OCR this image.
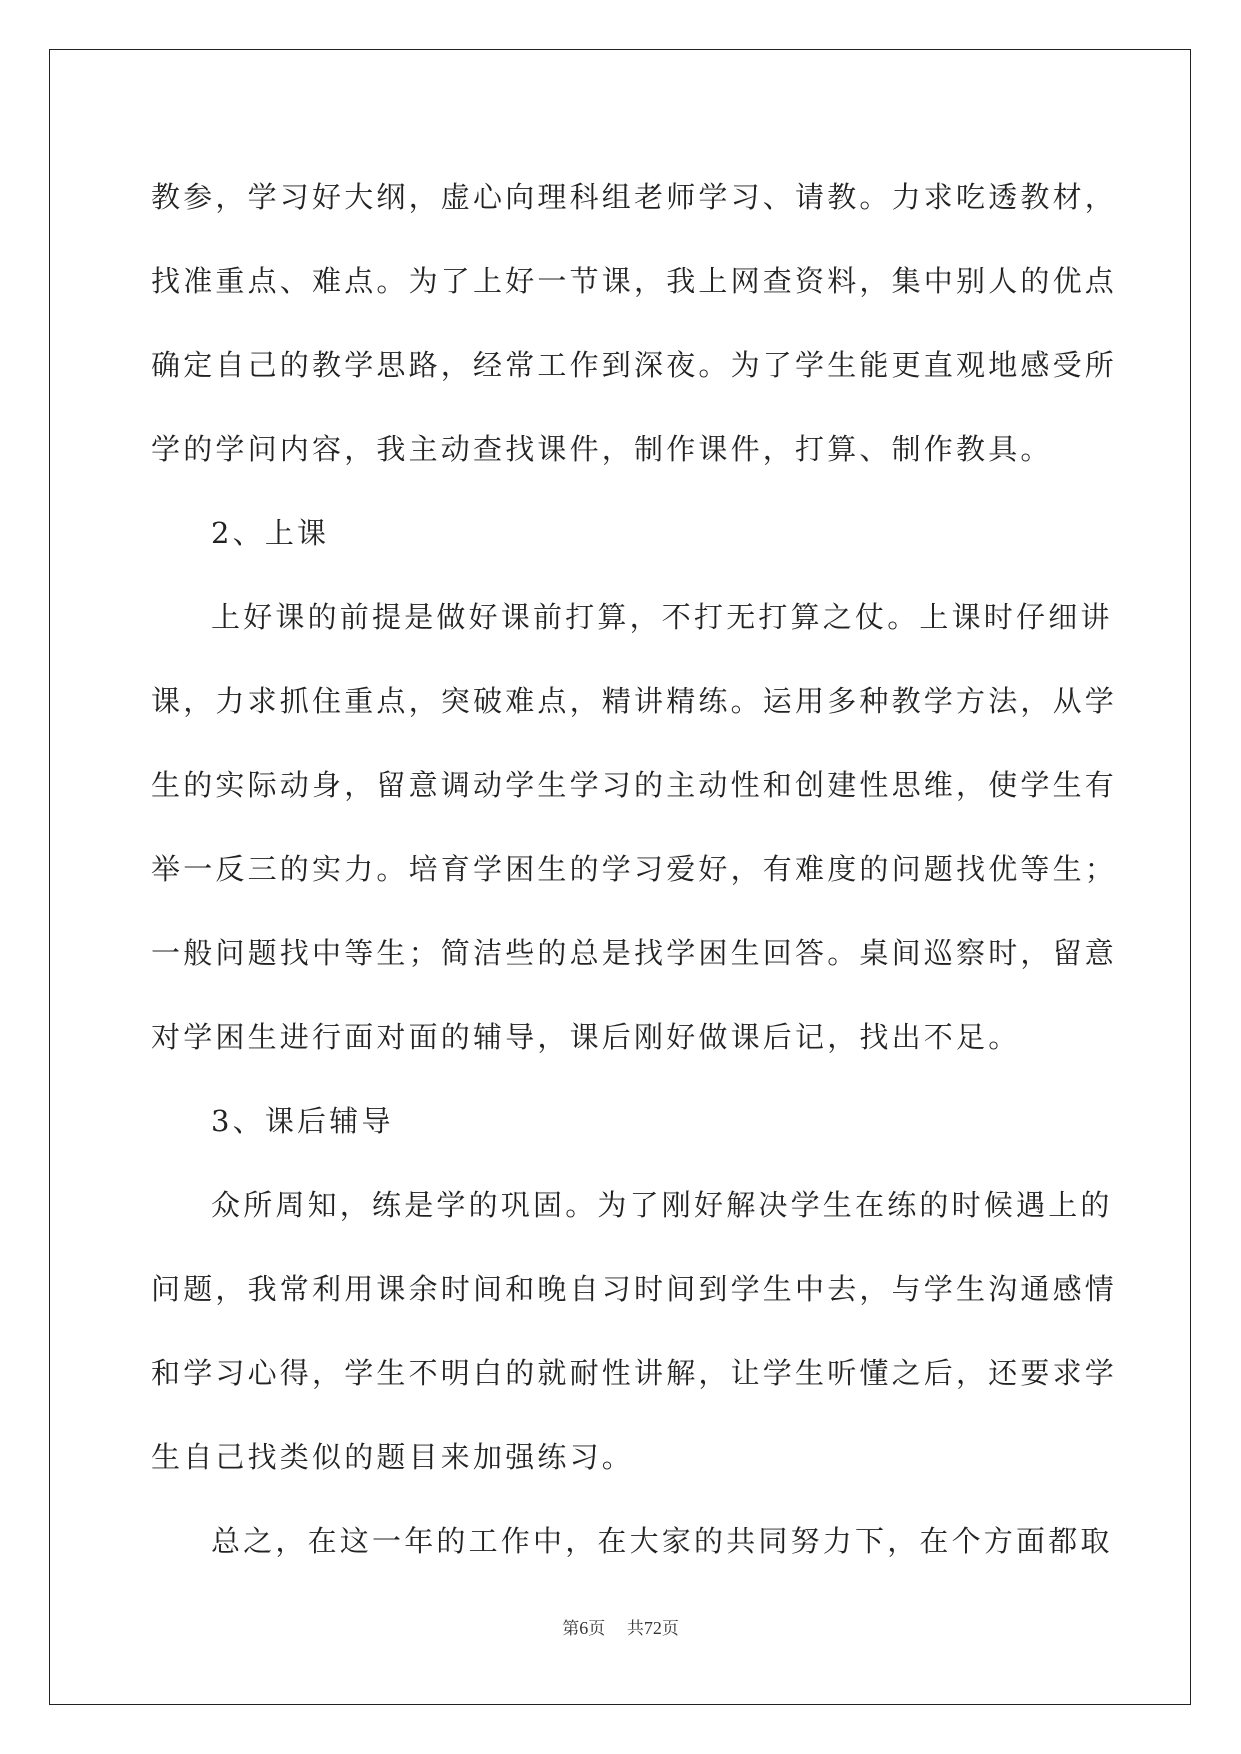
教参，学习好大纲，虚心向理科组老师学习、请教。力求吃透教材，
找准重点、难点。为了上好一节课，我上网查资料，集中别人的优点
确定自己的教学思路，经常工作到深夜。为了学生能更直观地感受所
学的学问内容，我主动查找课件，制作课件，打算、制作教具。
2、上课
上好课的前提是做好课前打算，不打无打算之仗。上课时仔细讲
课，力求抓住重点，突破难点，精讲精练。运用多种教学方法，从学
生的实际动身，留意调动学生学习的主动性和创建性思维，使学生有
举一反三的实力。培育学困生的学习爱好，有难度的问题找优等生；
一般问题找中等生；简洁些的总是找学困生回答。桌间巡察时，留意
对学困生进行面对面的辅导，课后刚好做课后记，找出不足。
3、课后辅导
众所周知，练是学的巩固。为了刚好解决学生在练的时候遇上的
问题，我常利用课余时间和晚自习时间到学生中去，与学生沟通感情
和学习心得，学生不明白的就耐性讲解，让学生听懂之后，还要求学
生自己找类似的题目来加强练习。
总之，在这一年的工作中，在大家的共同努力下，在个方面都取
第6页 共72页
